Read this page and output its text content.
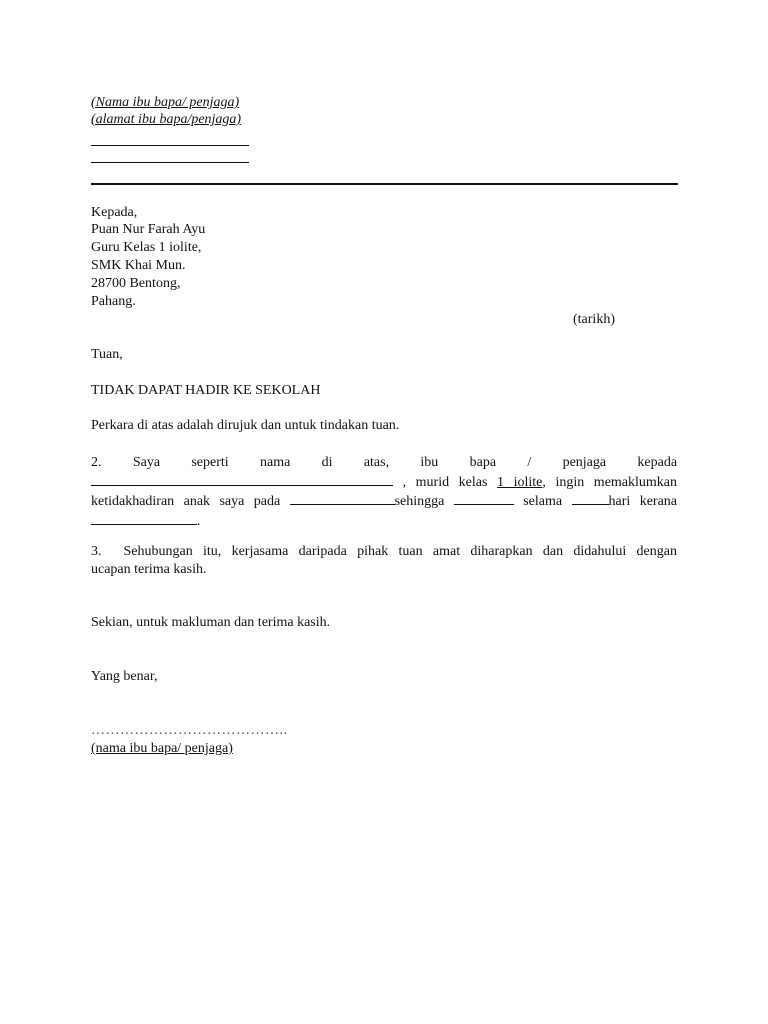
(Nama ibu bapa/ penjaga)
(alamat ibu bapa/penjaga)
Kepada,
Puan Nur Farah Ayu
Guru Kelas 1 iolite,
SMK Khai Mun.
28700 Bentong,
Pahang.
(tarikh)
Tuan,
TIDAK DAPAT HADIR KE SEKOLAH
Perkara di atas adalah dirujuk dan untuk tindakan tuan.
2. Saya seperti nama di atas, ibu bapa / penjaga kepada
, murid kelas 1 iolite, ingin memaklumkan
ketidakhadiran anak saya pada	sehingga	selama	hari kerana
.
3. Sehubungan itu, kerjasama daripada pihak tuan amat diharapkan dan didahului dengan
ucapan terima kasih.
Sekian, untuk makluman dan terima kasih.
Yang benar,
…………………………………..
(nama ibu bapa/ penjaga)
